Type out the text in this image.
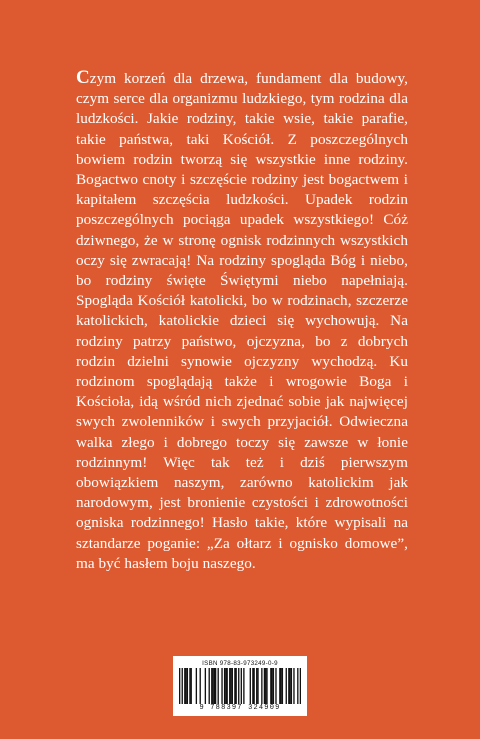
Czym korzeń dla drzewa, fundament dla budowy, czym serce dla organizmu ludzkiego, tym rodzina dla ludzkości. Jakie rodziny, takie wsie, takie parafie, takie państwa, taki Kościół. Z poszczególnych bowiem rodzin tworzą się wszystkie inne rodziny. Bogactwo cnoty i szczęście rodziny jest bogactwem i kapitałem szczęścia ludzkości. Upadek rodzin poszczególnych pociąga upadek wszystkiego! Cóż dziwnego, że w stronę ognisk rodzinnych wszystkich oczy się zwracają! Na rodziny spogląda Bóg i niebo, bo rodziny święte Świętymi niebo napełniają. Spogląda Kościół katolicki, bo w rodzinach, szczerze katolickich, katolickie dzieci się wychowują. Na rodziny patrzy państwo, ojczyzna, bo z dobrych rodzin dzielni synowie ojczyzny wychodzą. Ku rodzinom spoglądają także i wrogowie Boga i Kościoła, idą wśród nich zjednać sobie jak najwięcej swych zwolenników i swych przyjaciół. Odwieczna walka złego i dobrego toczy się zawsze w łonie rodzinnym! Więc tak też i dziś pierwszym obowiązkiem naszym, zarówno katolickim jak narodowym, jest bronienie czystości i zdrowotności ogniska rodzinnego! Hasło takie, które wypisali na sztandarze poganie: „Za ołtarz i ognisko domowe”, ma być hasłem boju naszego.

ISBN 978-83-973249-0-9
9 788397 324909
